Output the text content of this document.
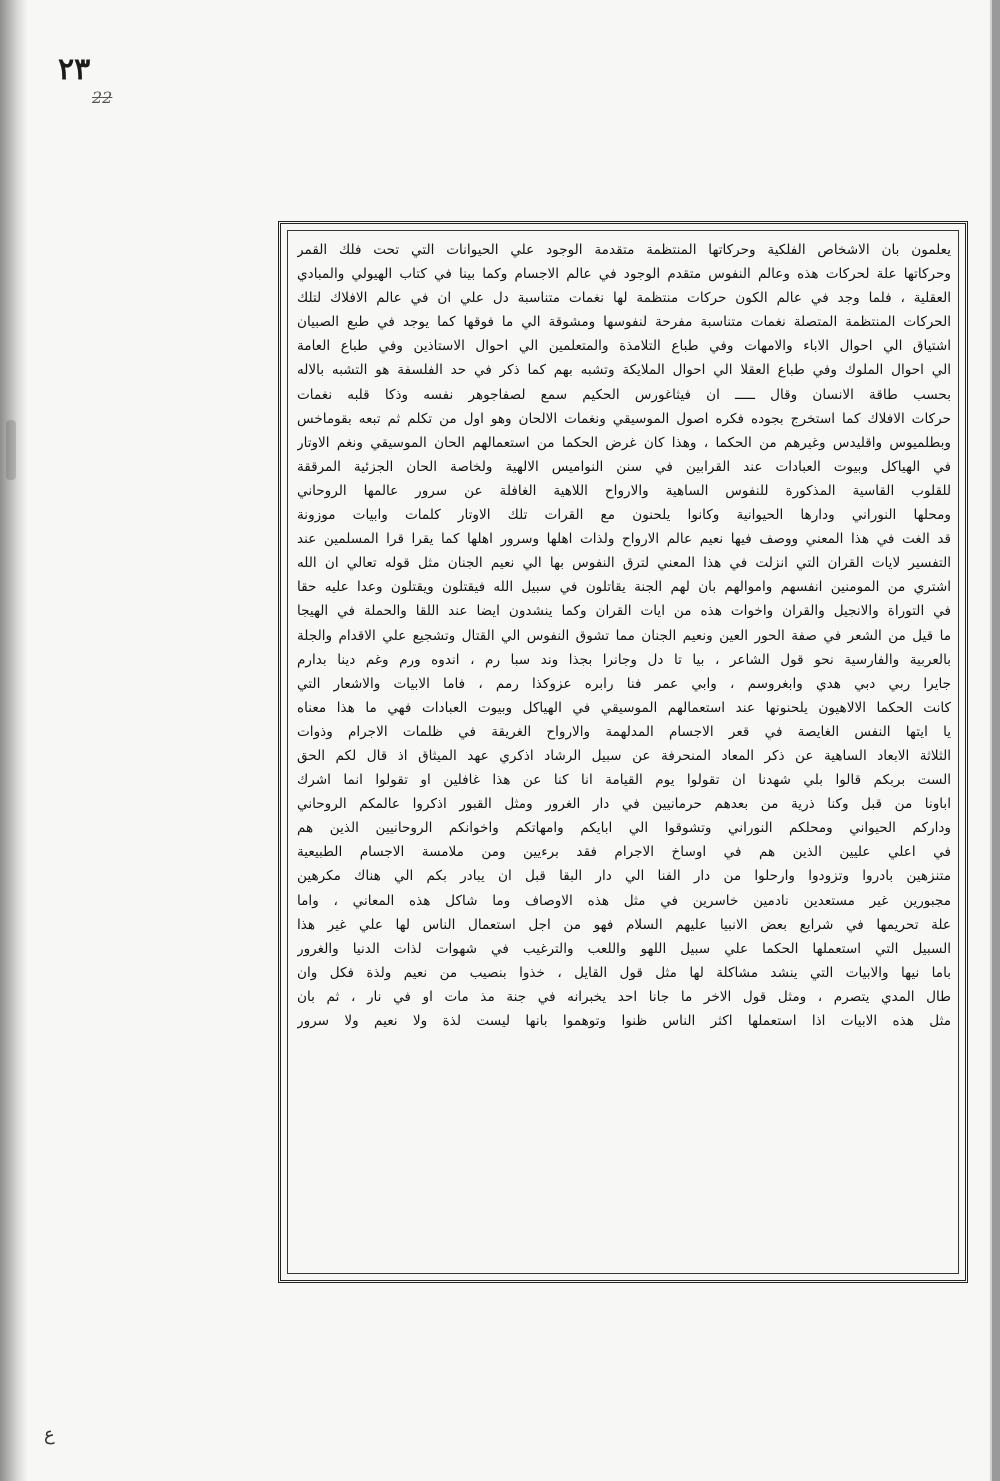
٢٣
22
يعلمون بان الاشخاص الفلكية وحركاتها المنتظمة متقدمة الوجود علي الحيوانات التي تحت فلك القمر
وحركاتها علة لحركات هذه وعالم النفوس متقدم الوجود في عالم الاجسام وكما بينا في كتاب الهيولي والمبادي
العقلية ، فلما وجد في عالم الكون حركات منتظمة لها نغمات متناسبة دل علي ان في عالم الافلاك لتلك
الحركات المنتظمة المتصلة نغمات متناسبة مفرحة لنفوسها ومشوقة الي ما فوقها كما يوجد في طبع الصبيان
اشتياق الي احوال الاباء والامهات وفي طباع التلامذة والمتعلمين الي احوال الاستاذين وفي طباع العامة
الي احوال الملوك وفي طباع العقلا الي احوال الملايكة وتشبه بهم كما ذكر في حد الفلسفة هو التشبه بالاله
بحسب طاقة الانسان وقال ـــــ ان فيثاغورس الحكيم سمع لصفاجوهر نفسه وذكا قلبه نغمات
حركات الافلاك كما استخرج بجوده فكره اصول الموسيقي ونغمات الالحان وهو اول من تكلم ثم تبعه بقوماخس
وبطلميوس واقليدس وغيرهم من الحكما ، وهذا كان غرض الحكما من استعمالهم الحان الموسيقي ونغم الاوتار
في الهياكل وبيوت العبادات عند القرابين في سنن النواميس الالهية ولخاصة الحان الجزئية المرققة
للقلوب القاسية المذكورة للنفوس الساهية والارواح اللاهية الغافلة عن سرور عالمها الروحاني
ومحلها النوراني ودارها الحيوانية وكانوا يلحنون مع القرات تلك الاوتار كلمات وابيات موزونة
قد الغت في هذا المعني ووصف فيها نعيم عالم الارواح ولذات اهلها وسرور اهلها كما يقرا قرا المسلمين عند
التفسير لايات القران التي انزلت في هذا المعني لترق النفوس بها الي نعيم الجنان مثل قوله تعالي ان الله
اشتري من المومنين انفسهم واموالهم بان لهم الجنة يقاتلون في سبيل الله فيقتلون ويقتلون وعدا عليه حقا
في التوراة والانجيل والقران واخوات هذه من ايات القران وكما ينشدون ايضا عند اللقا والحملة في الهيجا
ما قيل من الشعر في صفة الحور العين ونعيم الجنان مما تشوق النفوس الي القتال وتشجيع علي الاقدام والجلة
بالعربية والفارسية نحو قول الشاعر ، بيا تا دل وجانرا بجذا وند سبا رم ، اندوه ورم وغم دينا بدارم
جايرا ربي دبي هدي وابغروسم ، وابي عمر فنا رابره عزوكذا رمم ، فاما الابيات والاشعار التي
كانت الحكما الالاهيون يلحنونها عند استعمالهم الموسيقي في الهياكل وبيوت العبادات فهي ما هذا معناه
يا ايتها النفس الغايصة في قعر الاجسام المدلهمة والارواح الغريقة في ظلمات الاجرام وذوات
الثلاثة الابعاد الساهية عن ذكر المعاد المنحرفة عن سبيل الرشاد اذكري عهد الميثاق اذ قال لكم الحق
الست بربكم قالوا بلي شهدنا ان تقولوا يوم القيامة انا كنا عن هذا غافلين او تقولوا انما اشرك
اباونا من قبل وكنا ذرية من بعدهم حرمانيين في دار الغرور ومثل القبور اذكروا عالمكم الروحاني
ودارکم الحيواني ومحلكم النوراني وتشوقوا الي ابايكم وامهاتكم واخوانكم الروحانيين الذين هم
في اعلي عليين الذين هم في اوساخ الاجرام فقد برءيين ومن ملامسة الاجسام الطبيعية
متنزهين بادروا وتزودوا وارحلوا من دار الفنا الي دار البقا قبل ان يبادر بكم الي هناك مكرهين
مجبورين غير مستعدين نادمين خاسرين في مثل هذه الاوصاف وما شاكل هذه المعاني ، واما
علة تحريمها في شرايع بعض الانبيا عليهم السلام فهو من اجل استعمال الناس لها علي غير هذا
السبيل التي استعملها الحكما علي سبيل اللهو واللعب والترغيب في شهوات لذات الدنيا والغرور
باما نيها والابيات التي ينشد مشاكلة لها مثل قول القايل ، خذوا بنصيب من نعيم ولذة فكل وان
طال المدي يتصرم ، ومثل قول الاخر ما جانا احد يخبرانه في جنة مذ مات او في نار ، ثم بان
مثل هذه الابيات اذا استعملها اكثر الناس ظنوا وتوهموا بانها ليست لذة ولا نعيم ولا سرور
ع
